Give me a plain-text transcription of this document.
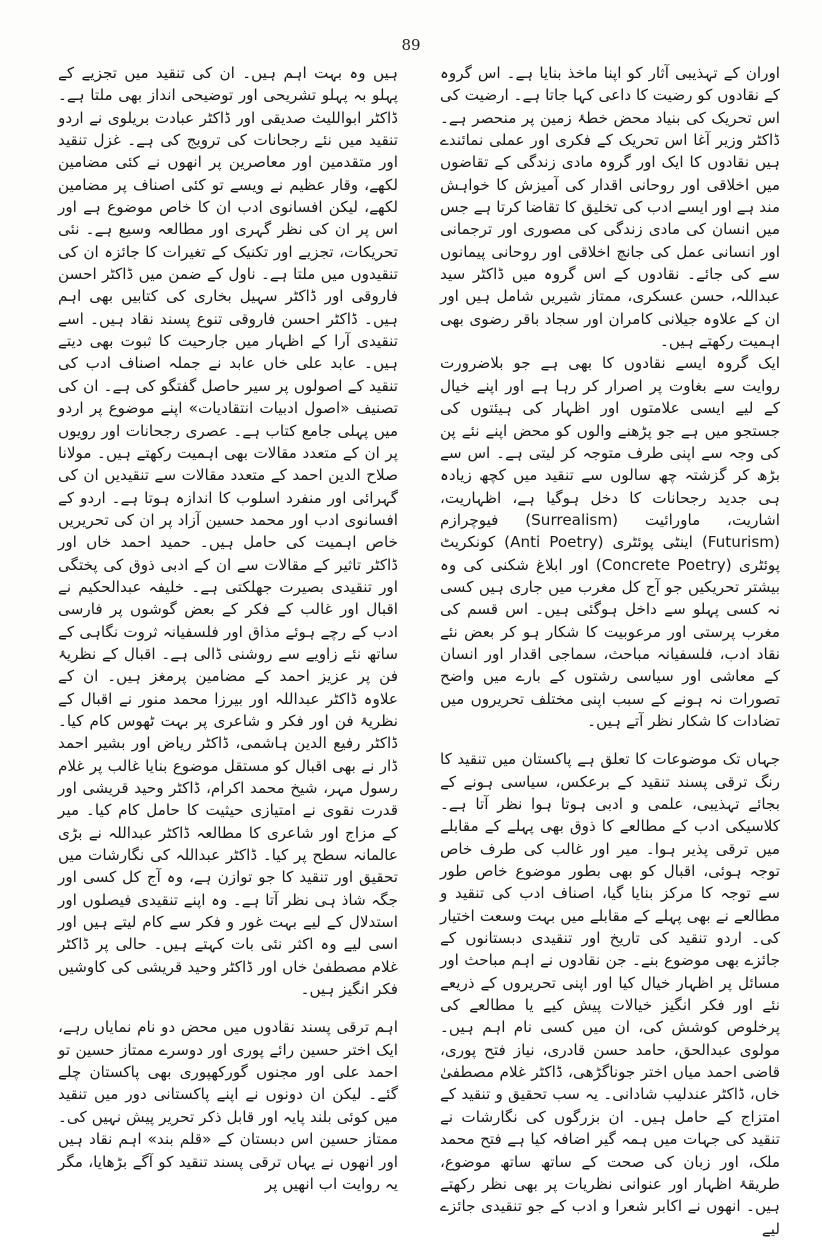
89

اوران کے تہذیبی آثار کو اپنا ماخذ بنایا ہے۔ اس گروہ کے نقادوں کو رضیت کا داعی کہا جاتا ہے۔ ارضیت کی اس تحریک کی بنیاد محض خطۂ زمین پر منحصر ہے۔ ڈاکٹر وزیر آغا اس تحریک کے فکری اور عملی نمائندے ہیں نقادوں کا ایک اور گروہ مادی زندگی کے تقاضوں میں اخلاقی اور روحانی اقدار کی آمیزش کا خواہش مند ہے اور ایسے ادب کی تخلیق کا تقاضا کرتا ہے جس میں انسان کی مادی زندگی کی مصوری اور ترجمانی اور انسانی عمل کی جانچ اخلاقی اور روحانی پیمانوں سے کی جائے۔ نقادوں کے اس گروہ میں ڈاکٹر سید عبداللہ، حسن عسکری، ممتاز شیریں شامل ہیں اور ان کے علاوہ جیلانی کامران اور سجاد باقر رضوی بھی اہمیت رکھتے ہیں۔

ایک گروہ ایسے نقادوں کا بھی ہے جو بلاضرورت روایت سے بغاوت پر اصرار کر رہا ہے اور اپنے خیال کے لیے ایسی علامتوں اور اظہار کی ہیئتوں کی جستجو میں ہے جو پڑھنے والوں کو محض اپنے نئے پن کی وجہ سے اپنی طرف متوجہ کر لیتی ہے۔ اس سے بڑھ کر گزشتہ چھ سالوں سے تنقید میں کچھ زیادہ ہی جدید رجحانات کا دخل ہوگیا ہے، اظہاریت، اشاریت، ماورائیت (Surrealism) فیوچرازم (Futurism) اینٹی پوئٹری (Anti Poetry) کونکریٹ پوئٹری (Concrete Poetry) اور ابلاغ شکنی کی وہ بیشتر تحریکیں جو آج کل مغرب میں جاری ہیں کسی نہ کسی پہلو سے داخل ہوگئی ہیں۔ اس قسم کی مغرب پرستی اور مرعوبیت کا شکار ہو کر بعض نئے نقاد ادب، فلسفیانہ مباحث، سماجی اقدار اور انسان کے معاشی اور سیاسی رشتوں کے بارے میں واضح تصورات نہ ہونے کے سبب اپنی مختلف تحریروں میں تضادات کا شکار نظر آتے ہیں۔

جہاں تک موضوعات کا تعلق ہے پاکستان میں تنقید کا رنگ ترقی پسند تنقید کے برعکس، سیاسی ہونے کے بجائے تہذیبی، علمی و ادبی ہوتا ہوا نظر آتا ہے۔ کلاسیکی ادب کے مطالعے کا ذوق بھی پہلے کے مقابلے میں ترقی پذیر ہوا۔ میر اور غالب کی طرف خاص توجہ ہوئی، اقبال کو بھی بطور موضوع خاص طور سے توجہ کا مرکز بنایا گیا، اصناف ادب کی تنقید و مطالعے نے بھی پہلے کے مقابلے میں بہت وسعت اختیار کی۔ اردو تنقید کی تاریخ اور تنقیدی دبستانوں کے جائزے بھی موضوع بنے۔ جن نقادوں نے اہم مباحث اور مسائل پر اظہار خیال کیا اور اپنی تحریروں کے ذریعے نئے اور فکر انگیز خیالات پیش کیے یا مطالعے کی پرخلوص کوشش کی، ان میں کسی نام اہم ہیں۔ مولوی عبدالحق، حامد حسن قادری، نیاز فتح پوری، قاضی احمد میاں اختر جوناگڑھی، ڈاکٹر غلام مصطفیٰ خاں، ڈاکٹر عندلیب شادانی۔ یہ سب تحقیق و تنقید کے امتزاج کے حامل ہیں۔ ان بزرگوں کی نگارشات نے تنقید کی جہات میں ہمہ گیر اضافہ کیا ہے فتح محمد ملک، اور زبان کی صحت کے ساتھ ساتھ موضوع، طریقۂ اظہار اور عنوانی نظریات پر بھی نظر رکھتے ہیں۔ انھوں نے اکابر شعرا و ادب کے جو تنقیدی جائزے لیے

ہیں وہ بہت اہم ہیں۔ ان کی تنقید میں تجزیے کے پہلو بہ پہلو تشریحی اور توضیحی انداز بھی ملتا ہے۔ ڈاکٹر ابواللیث صدیقی اور ڈاکٹر عبادت بریلوی نے اردو تنقید میں نئے رجحانات کی ترویج کی ہے۔ غزل تنقید اور متقدمین اور معاصرین پر انھوں نے کئی مضامین لکھے، وقار عظیم نے ویسے تو کئی اصناف پر مضامین لکھے، لیکن افسانوی ادب ان کا خاص موضوع ہے اور اس پر ان کی نظر گہری اور مطالعہ وسیع ہے۔ نئی تحریکات، تجزیے اور تکنیک کے تغیرات کا جائزہ ان کی تنقیدوں میں ملتا ہے۔ ناول کے ضمن میں ڈاکٹر احسن فاروقی اور ڈاکٹر سہیل بخاری کی کتابیں بھی اہم ہیں۔ ڈاکٹر احسن فاروقی تنوع پسند نقاد ہیں۔ اسے تنقیدی آرا کے اظہار میں جارحیت کا ثبوت بھی دیتے ہیں۔ عابد علی خاں عابد نے جملہ اصناف ادب کی تنقید کے اصولوں پر سیر حاصل گفتگو کی ہے۔ ان کی تصنیف «اصول ادبیات انتقادیات» اپنے موضوع پر اردو میں پہلی جامع کتاب ہے۔ عصری رجحانات اور رویوں پر ان کے متعدد مقالات بھی اہمیت رکھتے ہیں۔ مولانا صلاح الدین احمد کے متعدد مقالات سے تنقیدیں ان کی گہرائی اور منفرد اسلوب کا اندازہ ہوتا ہے۔ اردو کے افسانوی ادب اور محمد حسین آزاد پر ان کی تحریریں خاص اہمیت کی حامل ہیں۔ حمید احمد خاں اور ڈاکٹر تاثیر کے مقالات سے ان کے ادبی ذوق کی پختگی اور تنقیدی بصیرت جھلکتی ہے۔ خلیفہ عبدالحکیم نے اقبال اور غالب کے فکر کے بعض گوشوں پر فارسی ادب کے رچے ہوئے مذاق اور فلسفیانہ ثروت نگاہی کے ساتھ نئے زاویے سے روشنی ڈالی ہے۔ اقبال کے نظریۂ فن پر عزیز احمد کے مضامین پرمغز ہیں۔ ان کے علاوہ ڈاکٹر عبداللہ اور بیرزا محمد منور نے اقبال کے نظریۂ فن اور فکر و شاعری پر بہت ٹھوس کام کیا۔ ڈاکٹر رفیع الدین ہاشمی، ڈاکٹر ریاض اور بشیر احمد ڈار نے بھی اقبال کو مستقل موضوع بنایا غالب پر غلام رسول مہر، شیخ محمد اکرام، ڈاکٹر وحید قریشی اور قدرت نقوی نے امتیازی حیثیت کا حامل کام کیا۔ میر کے مزاج اور شاعری کا مطالعہ ڈاکٹر عبداللہ نے بڑی عالمانہ سطح پر کیا۔ ڈاکٹر عبداللہ کی نگارشات میں تحقیق اور تنقید کا جو توازن ہے، وہ آج کل کسی اور جگہ شاذ ہی نظر آتا ہے۔ وہ اپنے تنقیدی فیصلوں اور استدلال کے لیے بہت غور و فکر سے کام لیتے ہیں اور اسی لیے وہ اکثر نئی بات کہتے ہیں۔ حالی پر ڈاکٹر غلام مصطفیٰ خاں اور ڈاکٹر وحید قریشی کی کاوشیں فکر انگیز ہیں۔

اہم ترقی پسند نقادوں میں محض دو نام نمایاں رہے، ایک اختر حسین رائے پوری اور دوسرے ممتاز حسین تو احمد علی اور مجنوں گورکھپوری بھی پاکستان چلے گئے۔ لیکن ان دونوں نے اپنے پاکستانی دور میں تنقید میں کوئی بلند پایہ اور قابل ذکر تحریر پیش نہیں کی۔ ممتاز حسین اس دبستان کے «قلم بند» اہم نقاد ہیں اور انھوں نے یہاں ترقی پسند تنقید کو آگے بڑھایا، مگر یہ روایت اب انھیں پر
